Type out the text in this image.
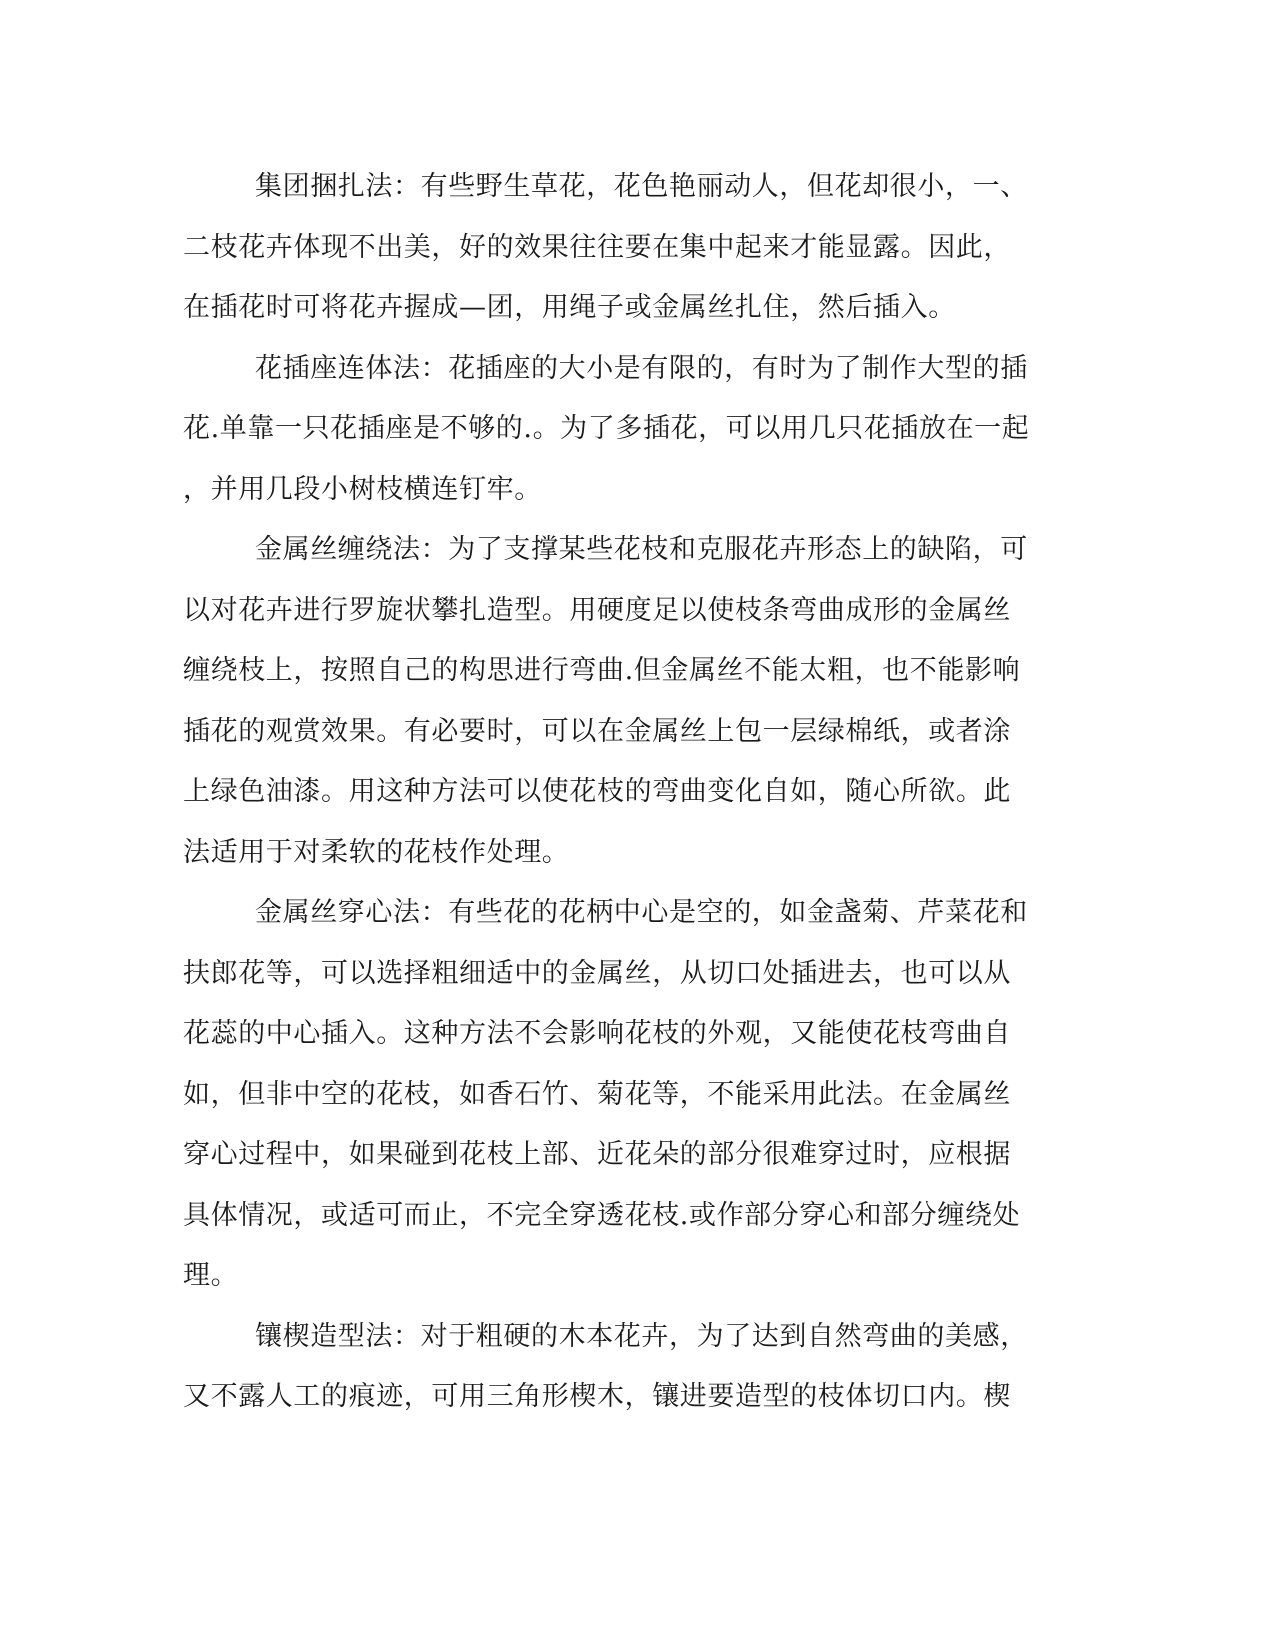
集团捆扎法：有些野生草花，花色艳丽动人，但花却很小，一、
二枝花卉体现不出美，好的效果往往要在集中起来才能显露。因此，
在插花时可将花卉握成—团，用绳子或金属丝扎住，然后插入。
花插座连体法：花插座的大小是有限的，有时为了制作大型的插
花.单靠一只花插座是不够的.。为了多插花，可以用几只花插放在一起
，并用几段小树枝横连钉牢。
金属丝缠绕法：为了支撑某些花枝和克服花卉形态上的缺陷，可
以对花卉进行罗旋状攀扎造型。用硬度足以使枝条弯曲成形的金属丝
缠绕枝上，按照自己的构思进行弯曲.但金属丝不能太粗，也不能影响
插花的观赏效果。有必要时，可以在金属丝上包一层绿棉纸，或者涂
上绿色油漆。用这种方法可以使花枝的弯曲变化自如，随心所欲。此
法适用于对柔软的花枝作处理。
金属丝穿心法：有些花的花柄中心是空的，如金盏菊、芹菜花和
扶郎花等，可以选择粗细适中的金属丝，从切口处插进去，也可以从
花蕊的中心插入。这种方法不会影响花枝的外观，又能使花枝弯曲自
如，但非中空的花枝，如香石竹、菊花等，不能采用此法。在金属丝
穿心过程中，如果碰到花枝上部、近花朵的部分很难穿过时，应根据
具体情况，或适可而止，不完全穿透花枝.或作部分穿心和部分缠绕处
理。
镶楔造型法：对于粗硬的木本花卉，为了达到自然弯曲的美感，
又不露人工的痕迹，可用三角形楔木，镶进要造型的枝体切口内。楔
